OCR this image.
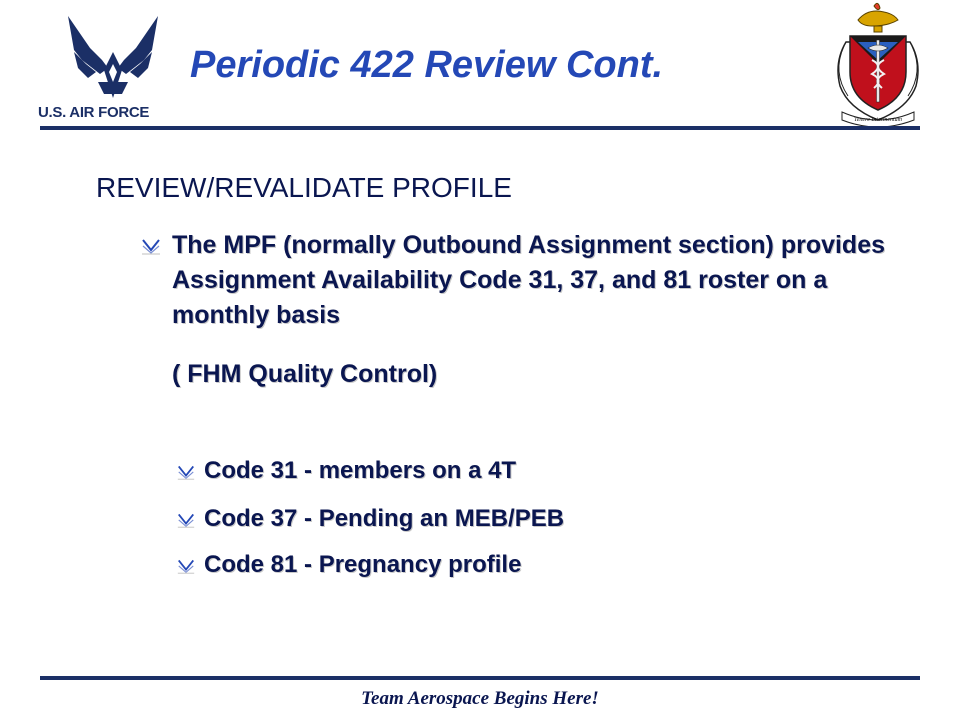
U.S. AIR FORCE
Periodic 422 Review Cont.
Tenere Intermentum
REVIEW/REVALIDATE PROFILE
The MPF (normally Outbound Assignment section) provides Assignment Availability Code 31, 37, and 81 roster on a monthly basis
( FHM Quality Control)
Code 31 - members on a 4T
Code 37 - Pending an MEB/PEB
Code 81 - Pregnancy profile
Team Aerospace Begins Here!
